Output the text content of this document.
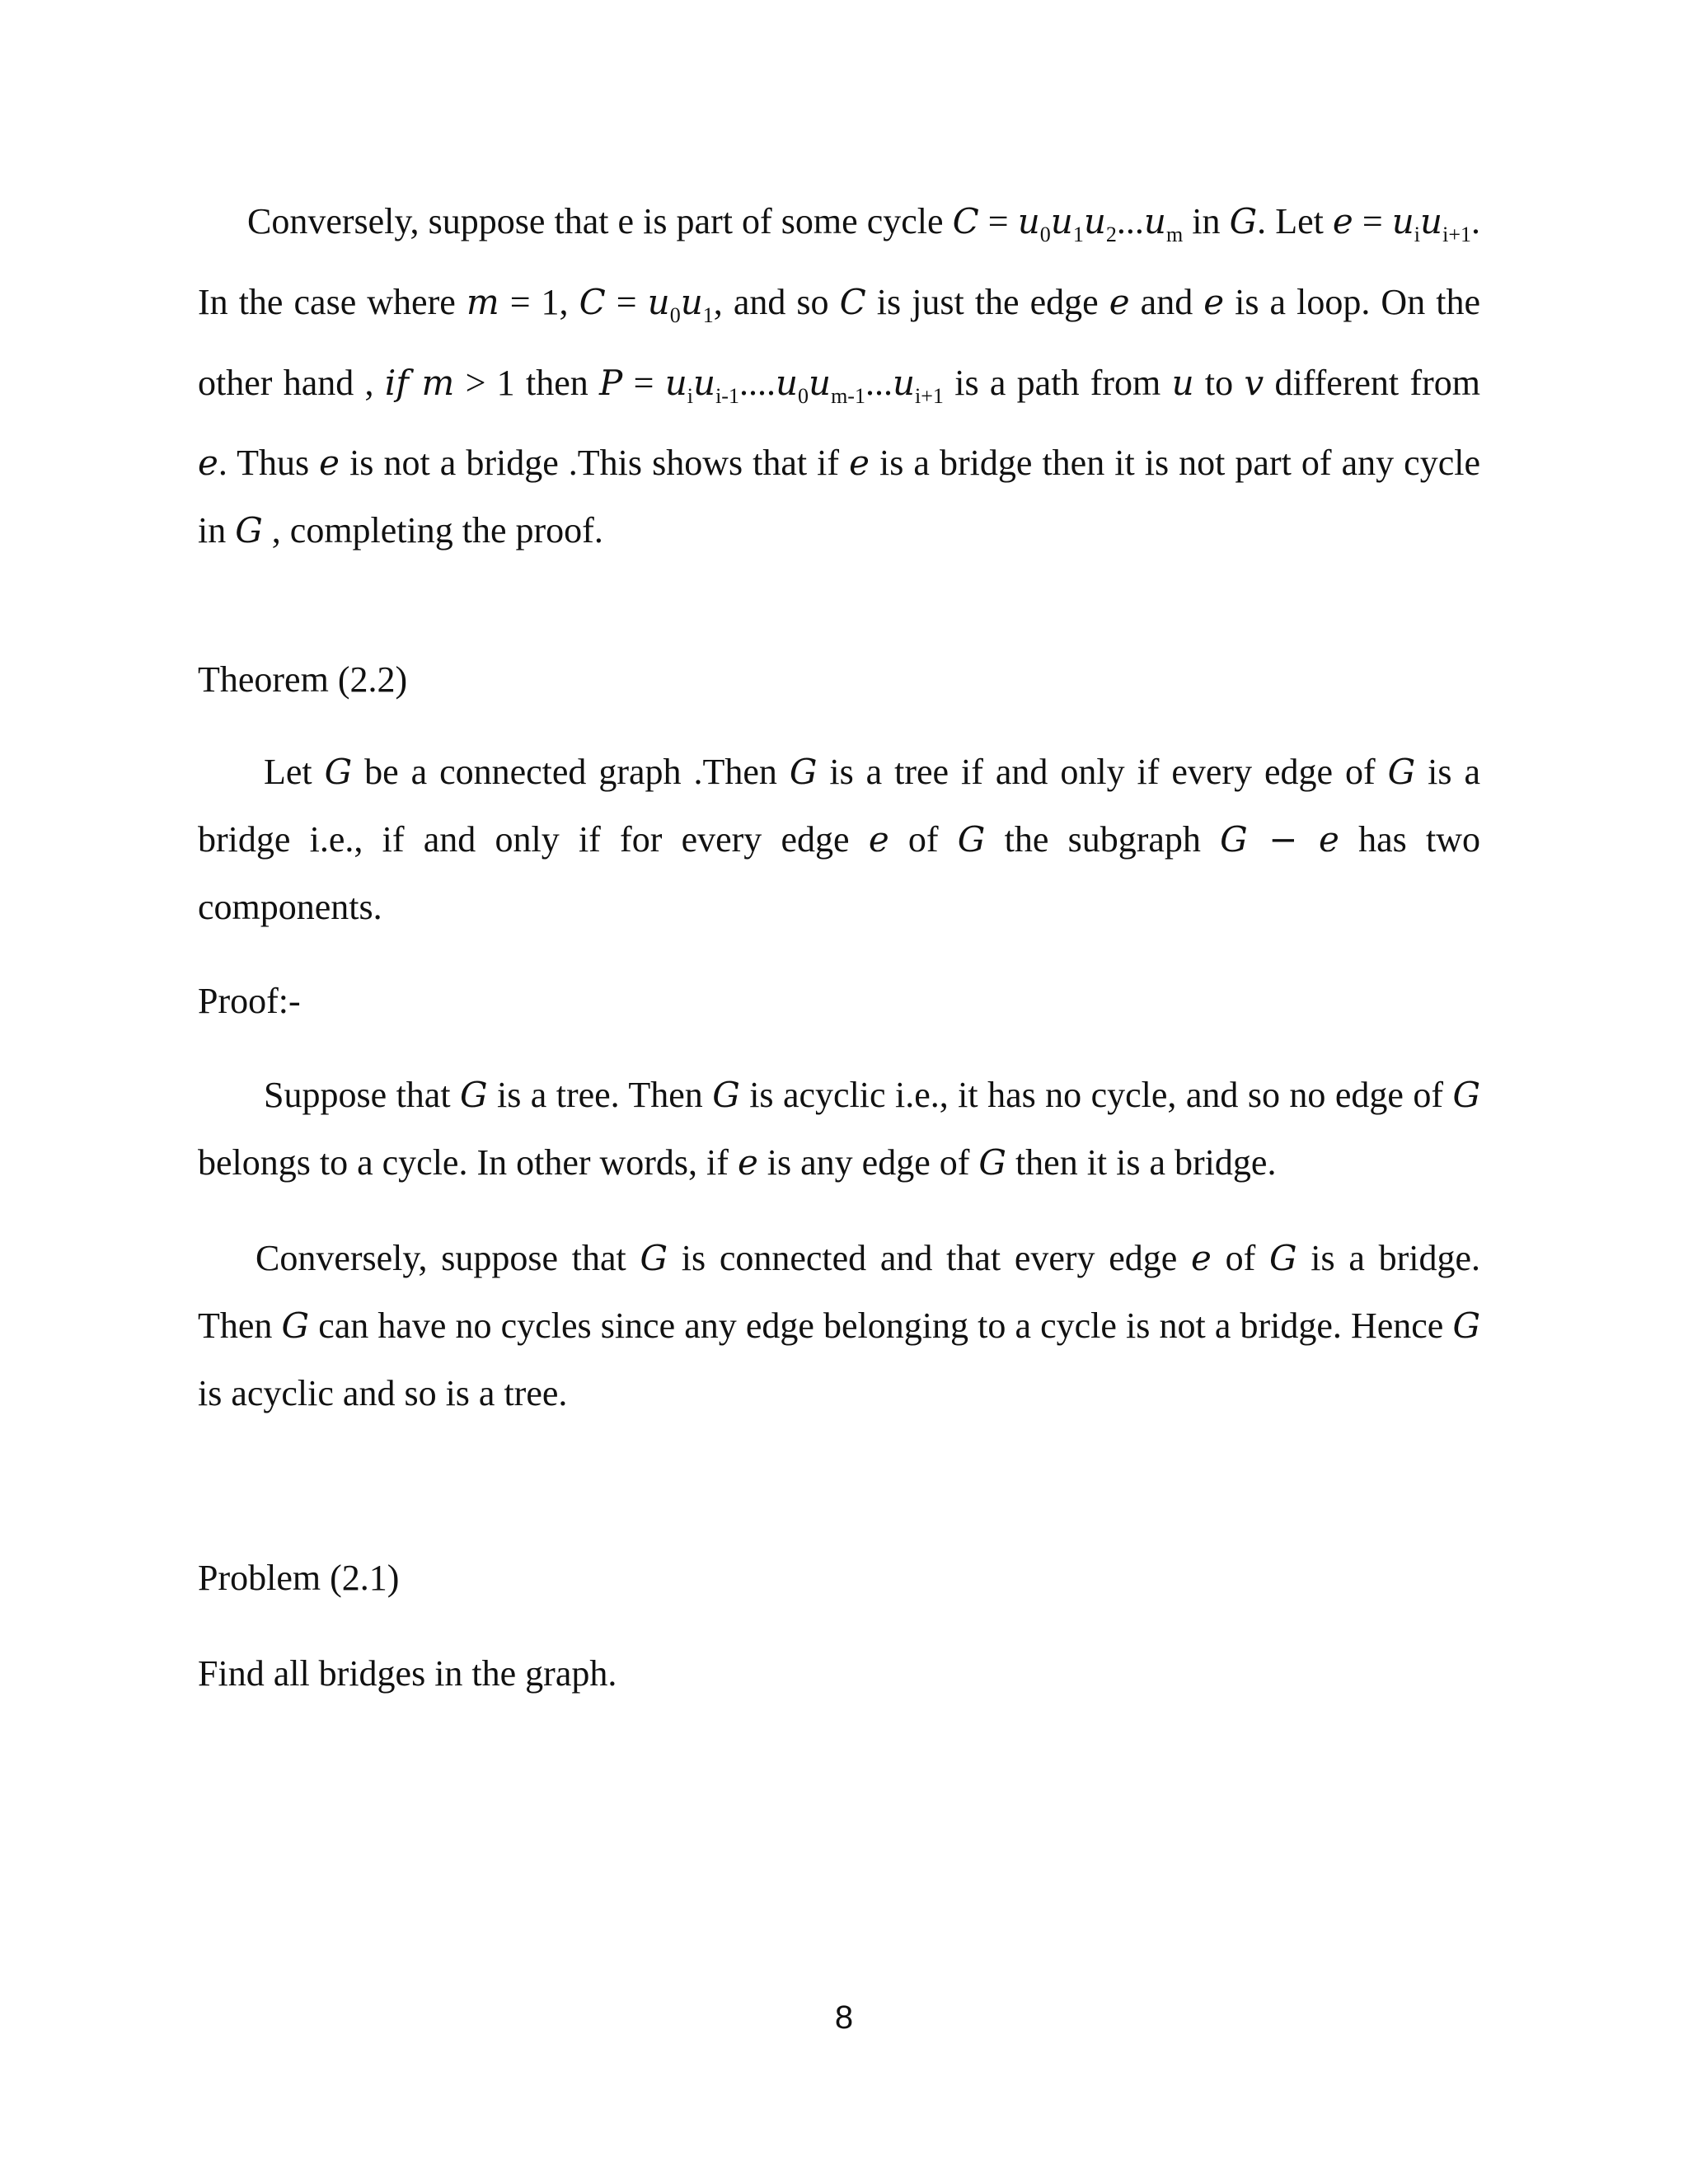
Conversely, suppose that e is part of some cycle $C = u_0u_1u_2...u_m$ in G. Let $e = u_iu_{i+1}$. In the case where m = 1, $C = u_0u_1$, and so C is just the edge e and e is a loop. On the other hand , if m > 1 then $P = u_iu_{i-1}....u_0u_{m-1}...u_{i+1}$ is a path from u to v different from e. Thus e is not a bridge .This shows that if e is a bridge then it is not part of any cycle in G , completing the proof.

Theorem (2.2)

Let G be a connected graph .Then G is a tree if and only if every edge of G is a bridge i.e., if and only if for every edge e of G the subgraph G − e has two components.

Proof:-

Suppose that G is a tree. Then G is acyclic i.e., it has no cycle, and so no edge of G belongs to a cycle. In other words, if e is any edge of G then it is a bridge.

Conversely, suppose that G is connected and that every edge e of G is a bridge. Then G can have no cycles since any edge belonging to a cycle is not a bridge. Hence G is acyclic and so is a tree.

Problem (2.1)

Find all bridges in the graph.

8
